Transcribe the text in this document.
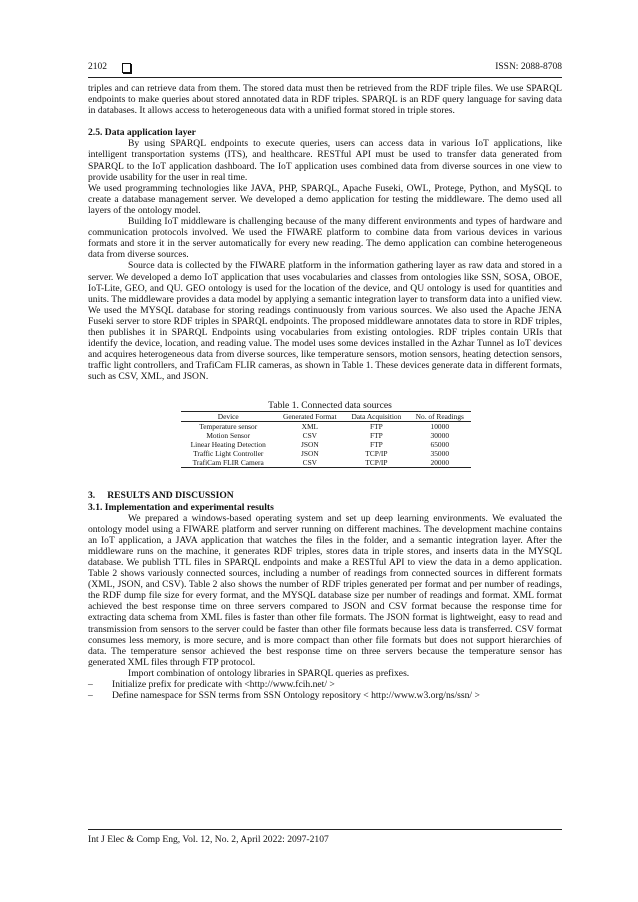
2102	ISSN: 2088-8708

triples and can retrieve data from them. The stored data must then be retrieved from the RDF triple files. We use SPARQL endpoints to make queries about stored annotated data in RDF triples. SPARQL is an RDF query language for saving data in databases. It allows access to heterogeneous data with a unified format stored in triple stores.

2.5. Data application layer

By using SPARQL endpoints to execute queries, users can access data in various IoT applications, like intelligent transportation systems (ITS), and healthcare. RESTful API must be used to transfer data generated from SPARQL to the IoT application dashboard. The IoT application uses combined data from diverse sources in one view to provide usability for the user in real time.

We used programming technologies like JAVA, PHP, SPARQL, Apache Fuseki, OWL, Protege, Python, and MySQL to create a database management server. We developed a demo application for testing the middleware. The demo used all layers of the ontology model.

Building IoT middleware is challenging because of the many different environments and types of hardware and communication protocols involved. We used the FIWARE platform to combine data from various devices in various formats and store it in the server automatically for every new reading. The demo application can combine heterogeneous data from diverse sources.

Source data is collected by the FIWARE platform in the information gathering layer as raw data and stored in a server. We developed a demo IoT application that uses vocabularies and classes from ontologies like SSN, SOSA, OBOE, IoT-Lite, GEO, and QU. GEO ontology is used for the location of the device, and QU ontology is used for quantities and units. The middleware provides a data model by applying a semantic integration layer to transform data into a unified view. We used the MYSQL database for storing readings continuously from various sources. We also used the Apache JENA Fuseki server to store RDF triples in SPARQL endpoints. The proposed middleware annotates data to store in RDF triples, then publishes it in SPARQL Endpoints using vocabularies from existing ontologies. RDF triples contain URIs that identify the device, location, and reading value. The model uses some devices installed in the Azhar Tunnel as IoT devices and acquires heterogeneous data from diverse sources, like temperature sensors, motion sensors, heating detection sensors, traffic light controllers, and TrafiCam FLIR cameras, as shown in Table 1. These devices generate data in different formats, such as CSV, XML, and JSON.

Table 1. Connected data sources
Device	Generated Format	Data Acquisition	No. of Readings
Temperature sensor	XML	FTP	10000
Motion Sensor	CSV	FTP	30000
Linear Heating Detection	JSON	FTP	65000
Traffic Light Controller	JSON	TCP/IP	35000
TrafiCam FLIR Camera	CSV	TCP/IP	20000
3.     RESULTS AND DISCUSSION
3.1. Implementation and experimental results

We prepared a windows-based operating system and set up deep learning environments. We evaluated the ontology model using a FIWARE platform and server running on different machines. The development machine contains an IoT application, a JAVA application that watches the files in the folder, and a semantic integration layer. After the middleware runs on the machine, it generates RDF triples, stores data in triple stores, and inserts data in the MYSQL database. We publish TTL files in SPARQL endpoints and make a RESTful API to view the data in a demo application. Table 2 shows variously connected sources, including a number of readings from connected sources in different formats (XML, JSON, and CSV). Table 2 also shows the number of RDF triples generated per format and per number of readings, the RDF dump file size for every format, and the MYSQL database size per number of readings and format. XML format achieved the best response time on three servers compared to JSON and CSV format because the response time for extracting data schema from XML files is faster than other file formats. The JSON format is lightweight, easy to read and transmission from sensors to the server could be faster than other file formats because less data is transferred. CSV format consumes less memory, is more secure, and is more compact than other file formats but does not support hierarchies of data. The temperature sensor achieved the best response time on three servers because the temperature sensor has generated XML files through FTP protocol.

Import combination of ontology libraries in SPARQL queries as prefixes.

– Initialize prefix for predicate with <http://www.fcih.net/ >
– Define namespace for SSN terms from SSN Ontology repository < http://www.w3.org/ns/ssn/ >
Int J Elec & Comp Eng, Vol. 12, No. 2, April 2022: 2097-2107
